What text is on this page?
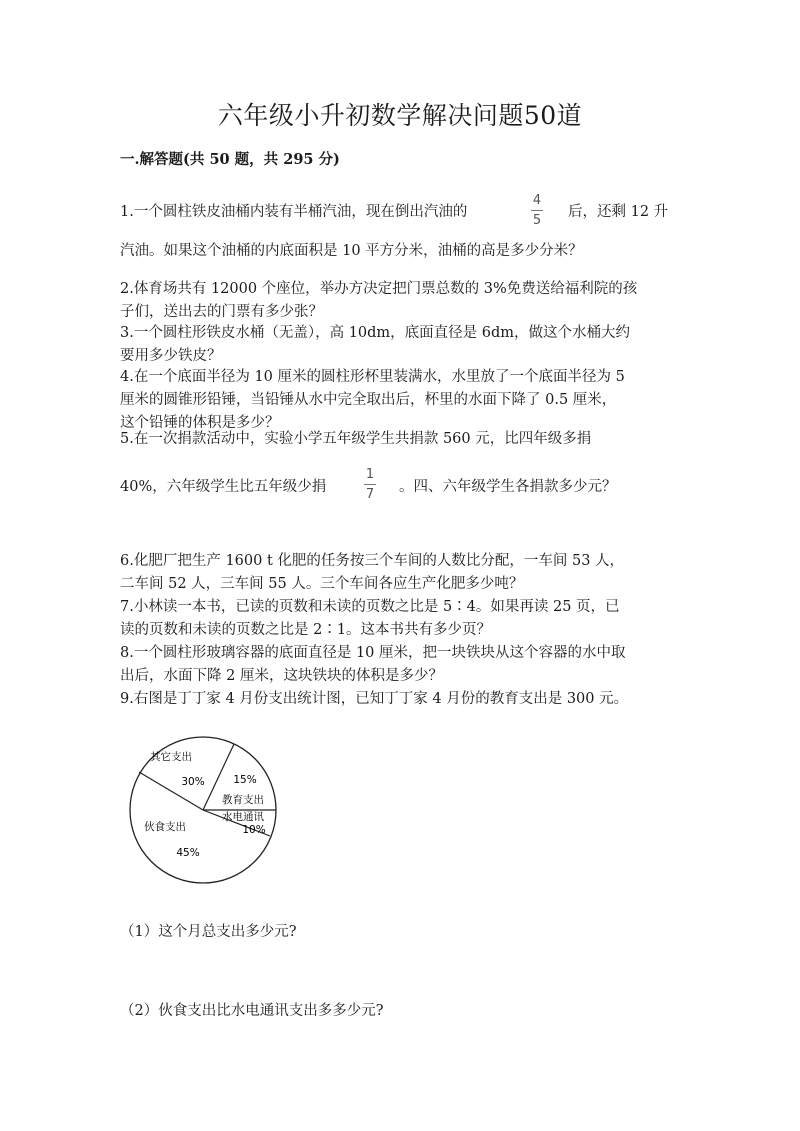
六年级小升初数学解决问题50道
一.解答题(共 50 题，共 295 分)
1.一个圆柱铁皮油桶内装有半桶汽油，现在倒出汽油的
4
5
后，还剩 12 升
汽油。如果这个油桶的内底面积是 10 平方分米，油桶的高是多少分米？
2.体育场共有 12000 个座位，举办方决定把门票总数的 3%免费送给福利院的孩
子们，送出去的门票有多少张？
3.一个圆柱形铁皮水桶（无盖），高 10dm，底面直径是 6dm，做这个水桶大约
要用多少铁皮？
4.在一个底面半径为 10 厘米的圆柱形杯里装满水，水里放了一个底面半径为 5
厘米的圆锥形铅锤，当铅锤从水中完全取出后，杯里的水面下降了 0.5 厘米，
这个铅锤的体积是多少？
5.在一次捐款活动中，实验小学五年级学生共捐款 560 元，比四年级多捐
40%，六年级学生比五年级少捐
1
7 。四、六年级学生各捐款多少元？
6.化肥厂把生产 1600 t 化肥的任务按三个车间的人数比分配，一车间 53 人，
二车间 52 人，三车间 55 人。三个车间各应生产化肥多少吨？
7.小林读一本书，已读的页数和未读的页数之比是 5∶4。如果再读 25 页，已
读的页数和未读的页数之比是 2∶1。这本书共有多少页？
8.一个圆柱形玻璃容器的底面直径是 10 厘米，把一块铁块从这个容器的水中取
出后，水面下降 2 厘米，这块铁块的体积是多少？
9.右图是丁丁家 4 月份支出统计图，已知丁丁家 4 月份的教育支出是 300 元。
其它支出
30%	15%
教育支出
水电通讯
10%
伙食支出
45%
（1）这个月总支出多少元?
（2）伙食支出比水电通讯支出多多少元?
